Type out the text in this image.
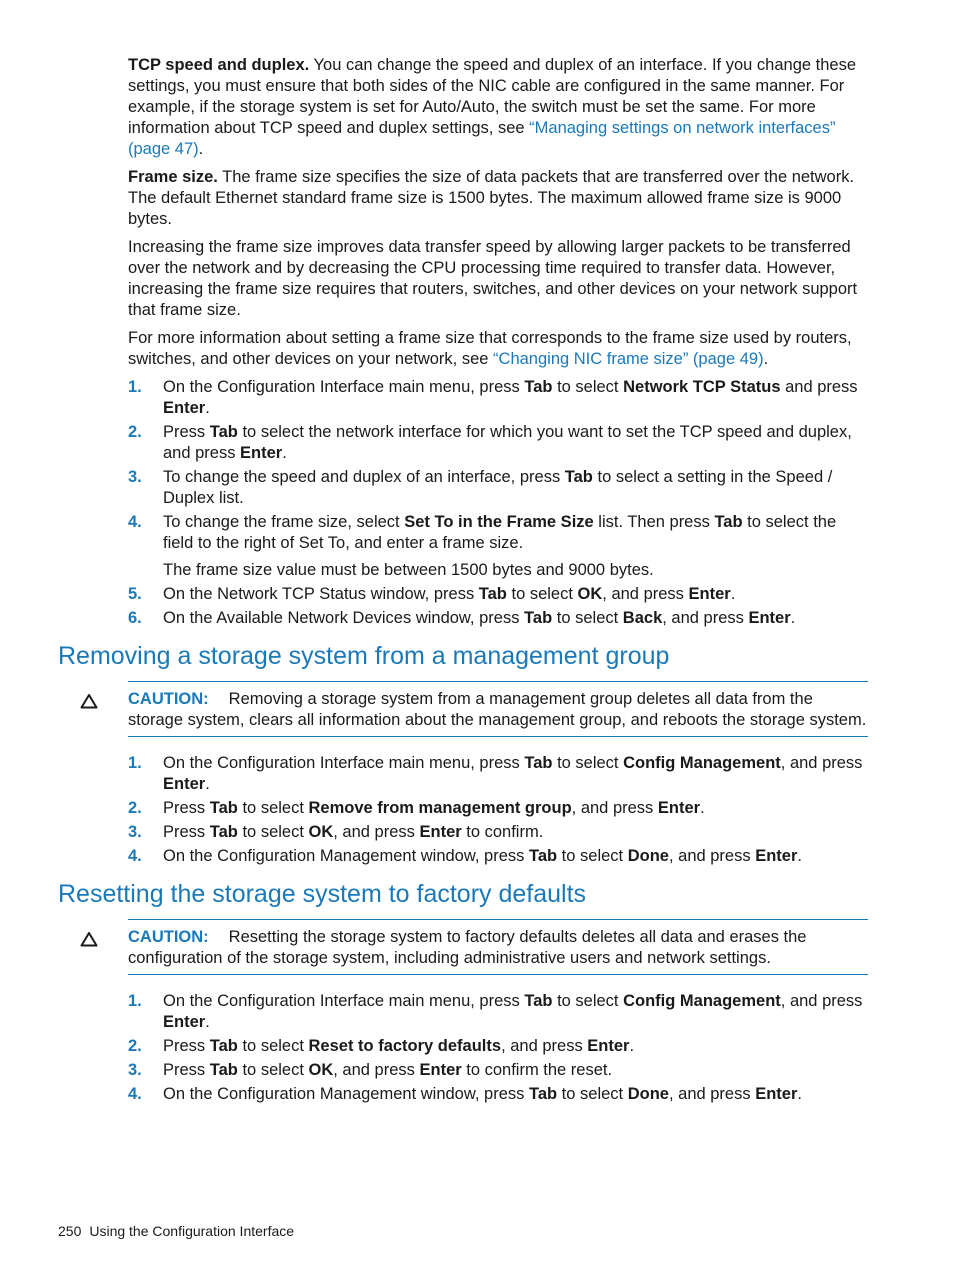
TCP speed and duplex. You can change the speed and duplex of an interface. If you change these settings, you must ensure that both sides of the NIC cable are configured in the same manner. For example, if the storage system is set for Auto/Auto, the switch must be set the same. For more information about TCP speed and duplex settings, see “Managing settings on network interfaces” (page 47).

Frame size. The frame size specifies the size of data packets that are transferred over the network. The default Ethernet standard frame size is 1500 bytes. The maximum allowed frame size is 9000 bytes.

Increasing the frame size improves data transfer speed by allowing larger packets to be transferred over the network and by decreasing the CPU processing time required to transfer data. However, increasing the frame size requires that routers, switches, and other devices on your network support that frame size.

For more information about setting a frame size that corresponds to the frame size used by routers, switches, and other devices on your network, see “Changing NIC frame size” (page 49).

1. On the Configuration Interface main menu, press Tab to select Network TCP Status and press Enter.
2. Press Tab to select the network interface for which you want to set the TCP speed and duplex, and press Enter.
3. To change the speed and duplex of an interface, press Tab to select a setting in the Speed / Duplex list.
4. To change the frame size, select Set To in the Frame Size list. Then press Tab to select the field to the right of Set To, and enter a frame size.
The frame size value must be between 1500 bytes and 9000 bytes.
5. On the Network TCP Status window, press Tab to select OK, and press Enter.
6. On the Available Network Devices window, press Tab to select Back, and press Enter.
Removing a storage system from a management group
CAUTION: Removing a storage system from a management group deletes all data from the storage system, clears all information about the management group, and reboots the storage system.
1. On the Configuration Interface main menu, press Tab to select Config Management, and press Enter.
2. Press Tab to select Remove from management group, and press Enter.
3. Press Tab to select OK, and press Enter to confirm.
4. On the Configuration Management window, press Tab to select Done, and press Enter.
Resetting the storage system to factory defaults
CAUTION: Resetting the storage system to factory defaults deletes all data and erases the configuration of the storage system, including administrative users and network settings.
1. On the Configuration Interface main menu, press Tab to select Config Management, and press Enter.
2. Press Tab to select Reset to factory defaults, and press Enter.
3. Press Tab to select OK, and press Enter to confirm the reset.
4. On the Configuration Management window, press Tab to select Done, and press Enter.
250 Using the Configuration Interface
